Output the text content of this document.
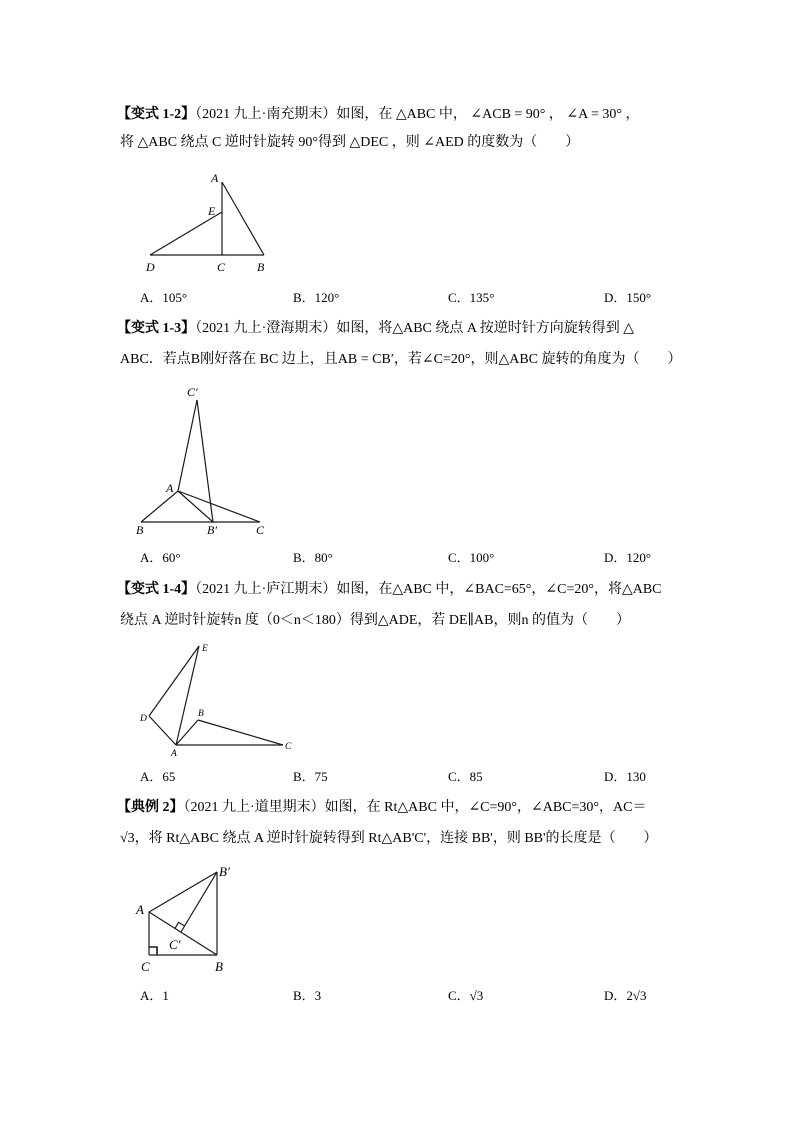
【变式 1-2】（2021 九上·南充期末）如图，在 △ABC 中， ∠ACB = 90° ， ∠A = 30° ，
将 △ABC 绕点 C 逆时针旋转 90°得到 △DEC ，则 ∠AED 的度数为（　　）
A
E
D	C	B
A．105°	B．120°	C．135°	D．150°
【变式 1-3】（2021 九上·澄海期末）如图，将△ABC 绕点 A 按逆时针方向旋转得到 △
ABC．若点B刚好落在 BC 边上，且AB = CB′，若∠C=20°，则△ABC 旋转的角度为（　　）
C′
A
B	B′	C
A．60°	B．80°	C．100°	D．120°
【变式 1-4】（2021 九上·庐江期末）如图，在△ABC 中，∠BAC=65°，∠C=20°，将△ABC
绕点 A 逆时针旋转n 度（0＜n＜180）得到△ADE，若 DE∥AB，则n 的值为（　　）
E
D
A
B
C
A．65	B．75	C．85	D．130
【典例 2】（2021 九上·道里期末）如图，在 Rt△ABC 中，∠C=90°，∠ABC=30°，AC＝
√3，将 Rt△ABC 绕点 A 逆时针旋转得到 Rt△AB'C'，连接 BB'，则 BB'的长度是（　　）
B′
A
C′
C	B
A．1	B．3	C．√3	D．2√3
